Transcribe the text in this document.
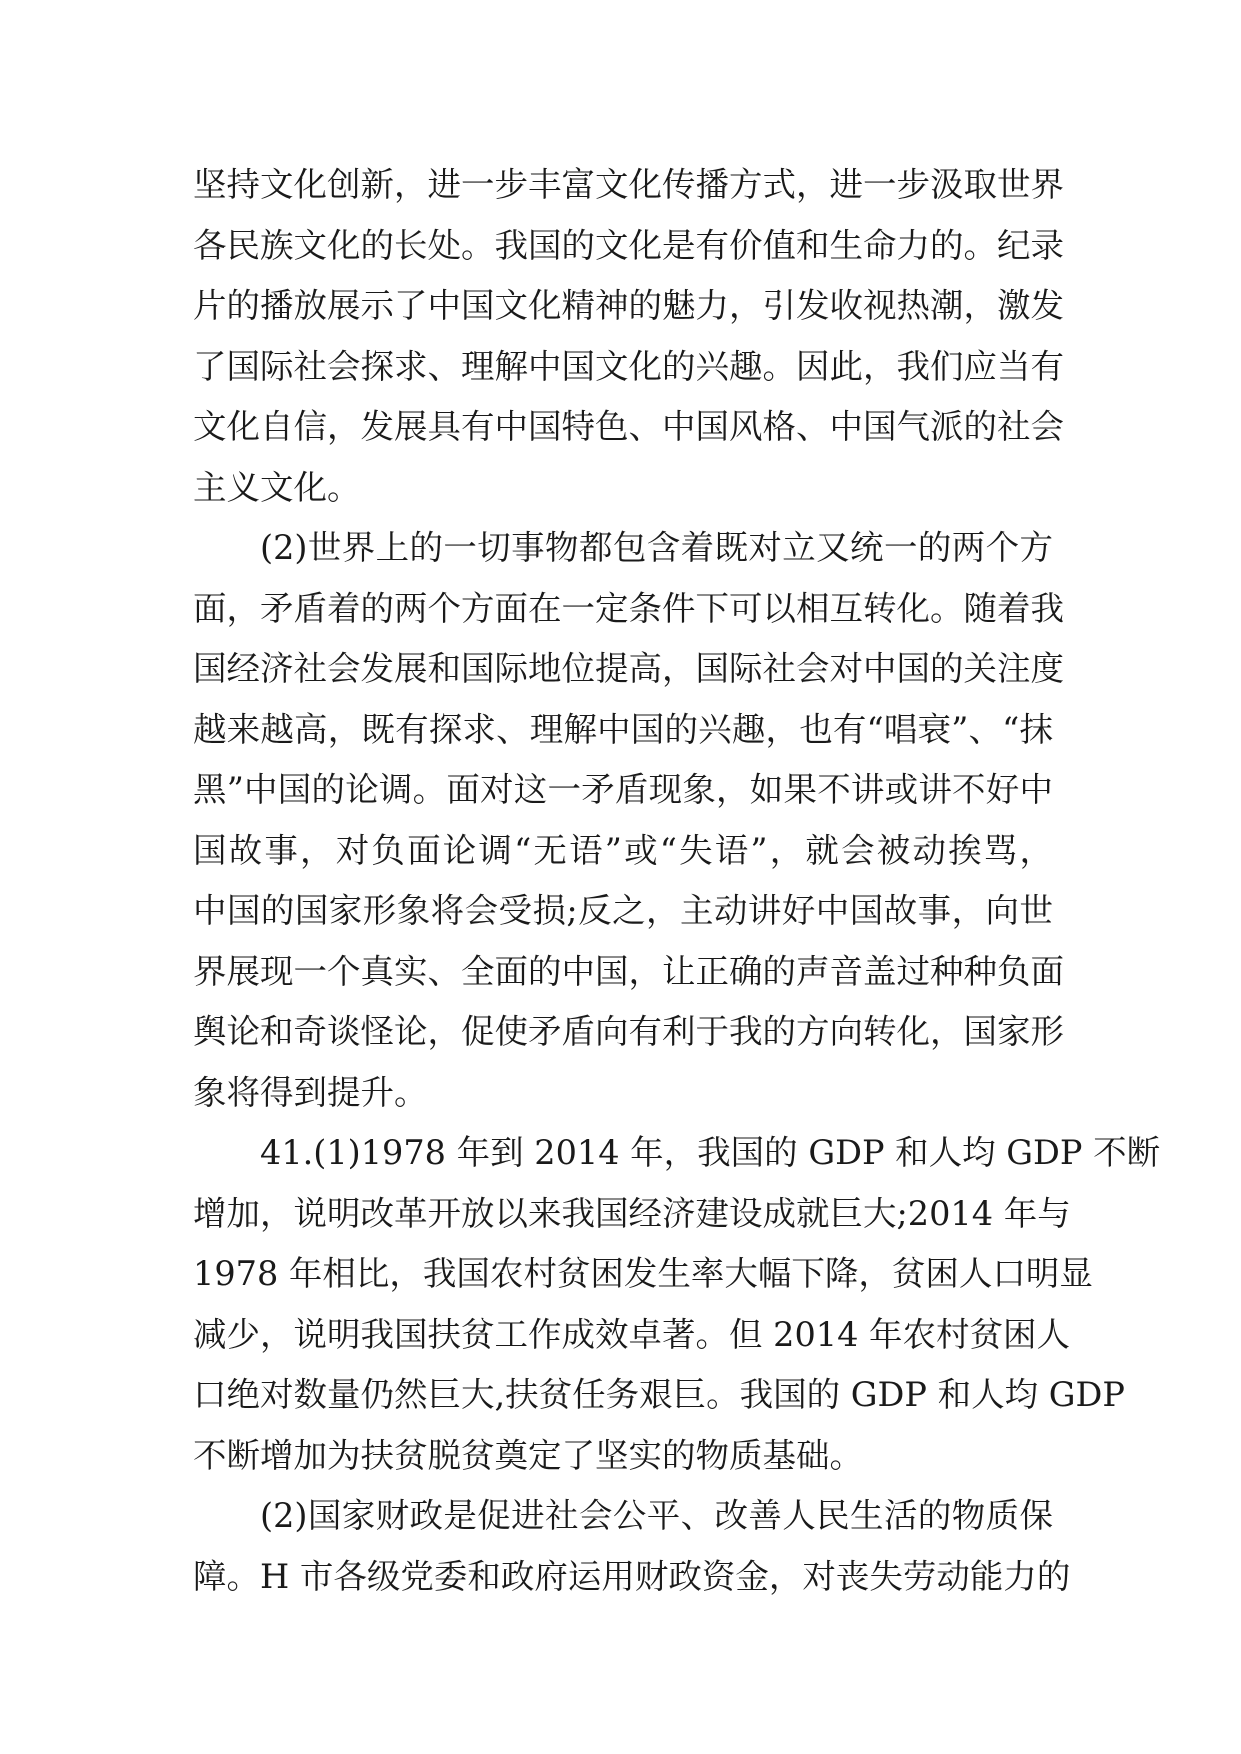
坚持文化创新，进一步丰富文化传播方式，进一步汲取世界
各民族文化的长处。我国的文化是有价值和生命力的。纪录
片的播放展示了中国文化精神的魅力，引发收视热潮，激发
了国际社会探求、理解中国文化的兴趣。因此，我们应当有
文化自信，发展具有中国特色、中国风格、中国气派的社会
主义文化。
(2)世界上的一切事物都包含着既对立又统一的两个方
面，矛盾着的两个方面在一定条件下可以相互转化。随着我
国经济社会发展和国际地位提高，国际社会对中国的关注度
越来越高，既有探求、理解中国的兴趣，也有“唱衰”、“抹
黑”中国的论调。面对这一矛盾现象，如果不讲或讲不好中
国故事，对负面论调“无语”或“失语”，就会被动挨骂，
中国的国家形象将会受损;反之，主动讲好中国故事，向世
界展现一个真实、全面的中国，让正确的声音盖过种种负面
舆论和奇谈怪论，促使矛盾向有利于我的方向转化，国家形
象将得到提升。
41.(1)1978 年到 2014 年，我国的 GDP 和人均 GDP 不断
增加，说明改革开放以来我国经济建设成就巨大;2014 年与
1978 年相比，我国农村贫困发生率大幅下降，贫困人口明显
减少，说明我国扶贫工作成效卓著。但 2014 年农村贫困人
口绝对数量仍然巨大,扶贫任务艰巨。我国的 GDP 和人均 GDP
不断增加为扶贫脱贫奠定了坚实的物质基础。
(2)国家财政是促进社会公平、改善人民生活的物质保
障。H 市各级党委和政府运用财政资金，对丧失劳动能力的
